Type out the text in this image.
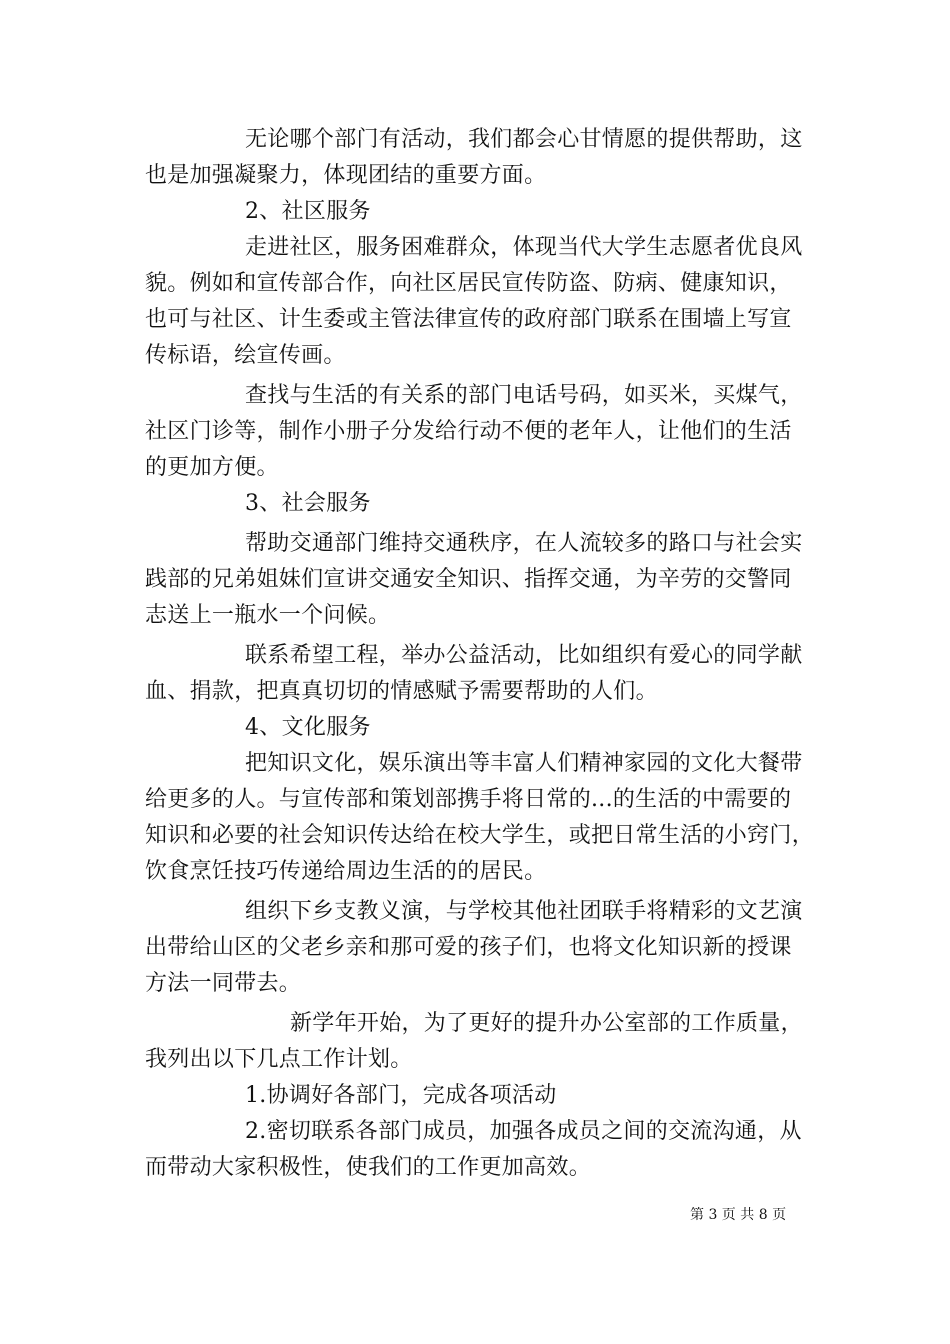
无论哪个部门有活动，我们都会心甘情愿的提供帮助，这
也是加强凝聚力，体现团结的重要方面。
2、社区服务
走进社区，服务困难群众，体现当代大学生志愿者优良风
貌。例如和宣传部合作，向社区居民宣传防盗、防病、健康知识，
也可与社区、计生委或主管法律宣传的政府部门联系在围墙上写宣
传标语，绘宣传画。
查找与生活的有关系的部门电话号码，如买米，买煤气，
社区门诊等，制作小册子分发给行动不便的老年人，让他们的生活
的更加方便。
3、社会服务
帮助交通部门维持交通秩序，在人流较多的路口与社会实
践部的兄弟姐妹们宣讲交通安全知识、指挥交通，为辛劳的交警同
志送上一瓶水一个问候。
联系希望工程，举办公益活动，比如组织有爱心的同学献
血、捐款，把真真切切的情感赋予需要帮助的人们。
4、文化服务
把知识文化，娱乐演出等丰富人们精神家园的文化大餐带
给更多的人。与宣传部和策划部携手将日常的...的生活的中需要的
知识和必要的社会知识传达给在校大学生，或把日常生活的小窍门，
饮食烹饪技巧传递给周边生活的的居民。
组织下乡支教义演，与学校其他社团联手将精彩的文艺演
出带给山区的父老乡亲和那可爱的孩子们，也将文化知识新的授课
方法一同带去。
新学年开始，为了更好的提升办公室部的工作质量，
我列出以下几点工作计划。
1.协调好各部门，完成各项活动
2.密切联系各部门成员，加强各成员之间的交流沟通，从
而带动大家积极性，使我们的工作更加高效。
第 3 页 共 8 页
